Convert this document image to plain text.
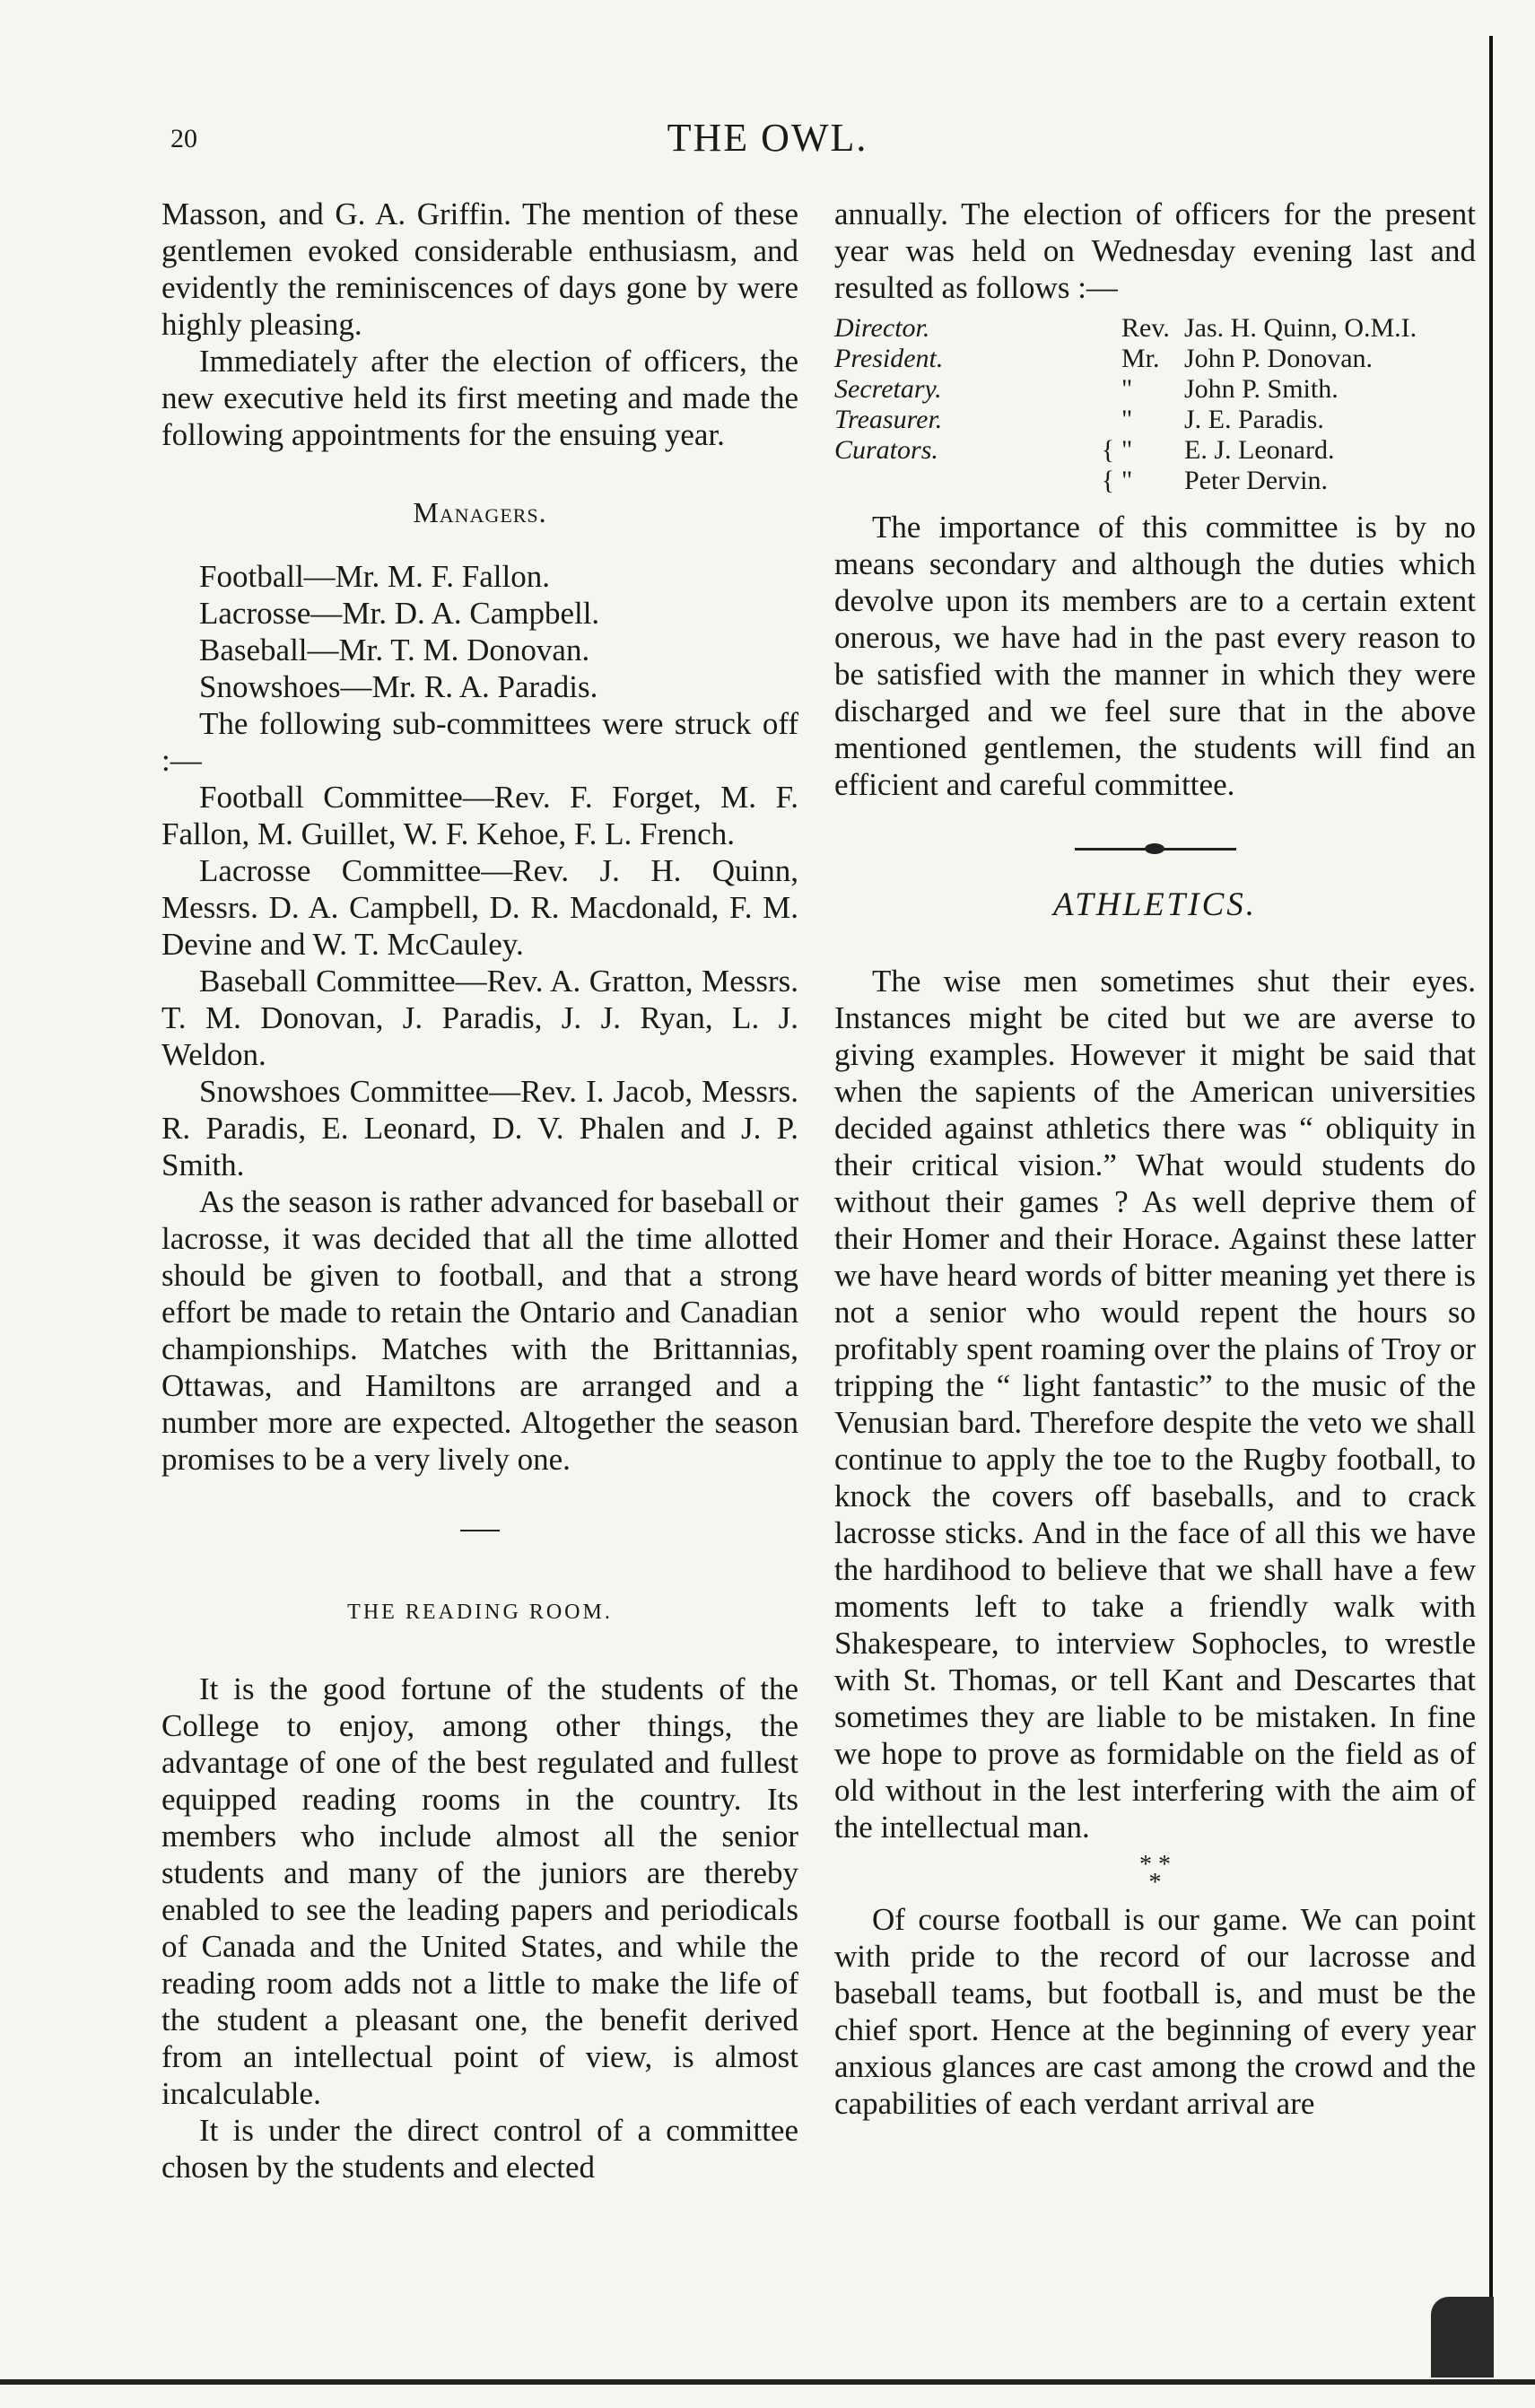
20	THE OWL.

Masson, and G. A. Griffin. The mention of these gentlemen evoked considerable enthusiasm, and evidently the reminiscences of days gone by were highly pleasing.

Immediately after the election of officers, the new executive held its first meeting and made the following appointments for the ensuing year.

Managers.

Football—Mr. M. F. Fallon.

Lacrosse—Mr. D. A. Campbell.

Baseball—Mr. T. M. Donovan.

Snowshoes—Mr. R. A. Paradis.

The following sub-committees were struck off :—

Football Committee—Rev. F. Forget, M. F. Fallon, M. Guillet, W. F. Kehoe, F. L. French.

Lacrosse Committee—Rev. J. H. Quinn, Messrs. D. A. Campbell, D. R. Macdonald, F. M. Devine and W. T. McCauley.

Baseball Committee—Rev. A. Gratton, Messrs. T. M. Donovan, J. Paradis, J. J. Ryan, L. J. Weldon.

Snowshoes Committee—Rev. I. Jacob, Messrs. R. Paradis, E. Leonard, D. V. Phalen and J. P. Smith.

As the season is rather advanced for baseball or lacrosse, it was decided that all the time allotted should be given to football, and that a strong effort be made to retain the Ontario and Canadian championships. Matches with the Brittannias, Ottawas, and Hamiltons are arranged and a number more are expected. Altogether the season promises to be a very lively one.

THE READING ROOM.

It is the good fortune of the students of the College to enjoy, among other things, the advantage of one of the best regulated and fullest equipped reading rooms in the country. Its members who include almost all the senior students and many of the juniors are thereby enabled to see the leading papers and periodicals of Canada and the United States, and while the reading room adds not a little to make the life of the student a pleasant one, the benefit derived from an intellectual point of view, is almost incalculable.

It is under the direct control of a committee chosen by the students and elected

annually. The election of officers for the present year was held on Wednesday evening last and resulted as follows :—

Director.	Rev. Jas. H. Quinn, O.M.I.
President.	Mr. John P. Donovan.
Secretary.	"	John P. Smith.
Treasurer.	"	J. E. Paradis.
Curators.	{ "	E. J. Leonard.
{ "	Peter Dervin.

The importance of this committee is by no means secondary and although the duties which devolve upon its members are to a certain extent onerous, we have had in the past every reason to be satisfied with the manner in which they were discharged and we feel sure that in the above mentioned gentlemen, the students will find an efficient and careful committee.

ATHLETICS.

The wise men sometimes shut their eyes. Instances might be cited but we are averse to giving examples. However it might be said that when the sapients of the American universities decided against athletics there was “ obliquity in their critical vision.” What would students do without their games ? As well deprive them of their Homer and their Horace. Against these latter we have heard words of bitter meaning yet there is not a senior who would repent the hours so profitably spent roaming over the plains of Troy or tripping the “ light fantastic” to the music of the Venusian bard. Therefore despite the veto we shall continue to apply the toe to the Rugby football, to knock the covers off baseballs, and to crack lacrosse sticks. And in the face of all this we have the hardihood to believe that we shall have a few moments left to take a friendly walk with Shakespeare, to interview Sophocles, to wrestle with St. Thomas, or tell Kant and Descartes that sometimes they are liable to be mistaken. In fine we hope to prove as formidable on the field as of old without in the lest interfering with the aim of the intellectual man.

* *
*

Of course football is our game. We can point with pride to the record of our lacrosse and baseball teams, but football is, and must be the chief sport. Hence at the beginning of every year anxious glances are cast among the crowd and the capabilities of each verdant arrival are
